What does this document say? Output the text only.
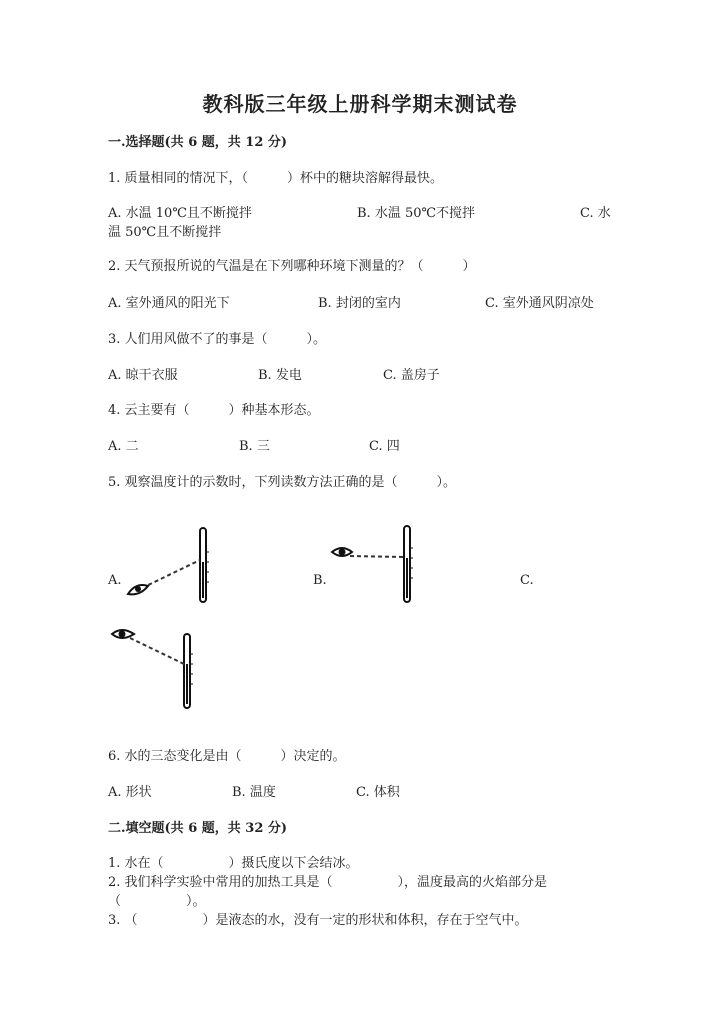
教科版三年级上册科学期末测试卷
一.选择题(共 6 题，共 12 分)
1. 质量相同的情况下，（　　　）杯中的糖块溶解得最快。
A. 水温 10℃且不断搅拌	B. 水温 50℃不搅拌	C. 水
温 50℃且不断搅拌
2. 天气预报所说的气温是在下列哪种环境下测量的？（　　　）
A. 室外通风的阳光下	B. 封闭的室内	C. 室外通风阴凉处
3. 人们用风做不了的事是（　　　）。
A. 晾干衣服	B. 发电	C. 盖房子
4. 云主要有（　　　）种基本形态。
A. 二	B. 三	C. 四
5. 观察温度计的示数时，下列读数方法正确的是（　　　）。
A.	B.	C.
6. 水的三态变化是由（　　　）决定的。
A. 形状	B. 温度	C. 体积
二.填空题(共 6 题，共 32 分)
1. 水在（　　　　　）摄氏度以下会结冰。
2. 我们科学实验中常用的加热工具是（　　　　　），温度最高的火焰部分是
（　　　　　）。
3. （　　　　　）是液态的水，没有一定的形状和体积，存在于空气中。
